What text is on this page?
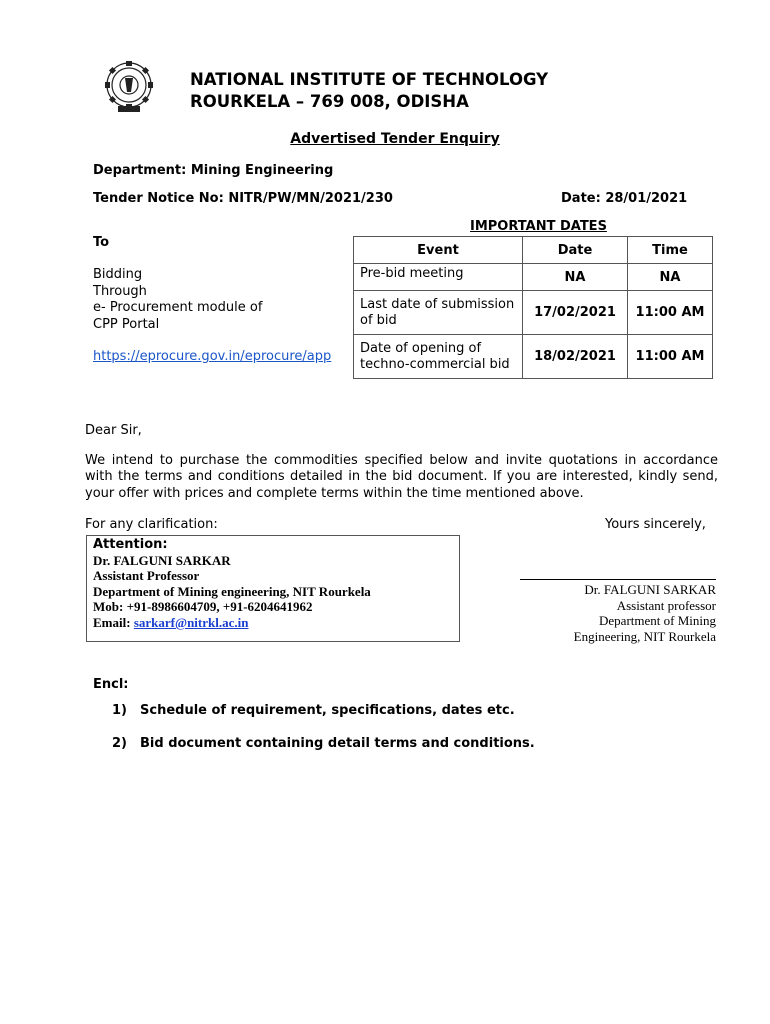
NATIONAL INSTITUTE OF TECHNOLOGY
ROURKELA – 769 008, ODISHA
Advertised Tender Enquiry
Department: Mining Engineering
Tender Notice No: NITR/PW/MN/2021/230	Date: 28/01/2021
To
Bidding
Through
e- Procurement module of
CPP Portal
https://eprocure.gov.in/eprocure/app
IMPORTANT DATES
Event	Date	Time
Pre-bid meeting	NA	NA
Last date of submission of bid	17/02/2021	11:00 AM
Date of opening of techno-commercial bid	18/02/2021	11:00 AM
Dear Sir,
We intend to purchase the commodities specified below and invite quotations in accordance with the terms and conditions detailed in the bid document. If you are interested, kindly send, your offer with prices and complete terms within the time mentioned above.
For any clarification:	Yours sincerely,
Attention:
Dr. FALGUNI SARKAR
Assistant Professor
Department of Mining engineering, NIT Rourkela
Mob: +91-8986604709, +91-6204641962
Email: sarkarf@nitrkl.ac.in
Dr. FALGUNI SARKAR
Assistant professor
Department of Mining
Engineering, NIT Rourkela
Encl:
1) Schedule of requirement, specifications, dates etc.
2) Bid document containing detail terms and conditions.
